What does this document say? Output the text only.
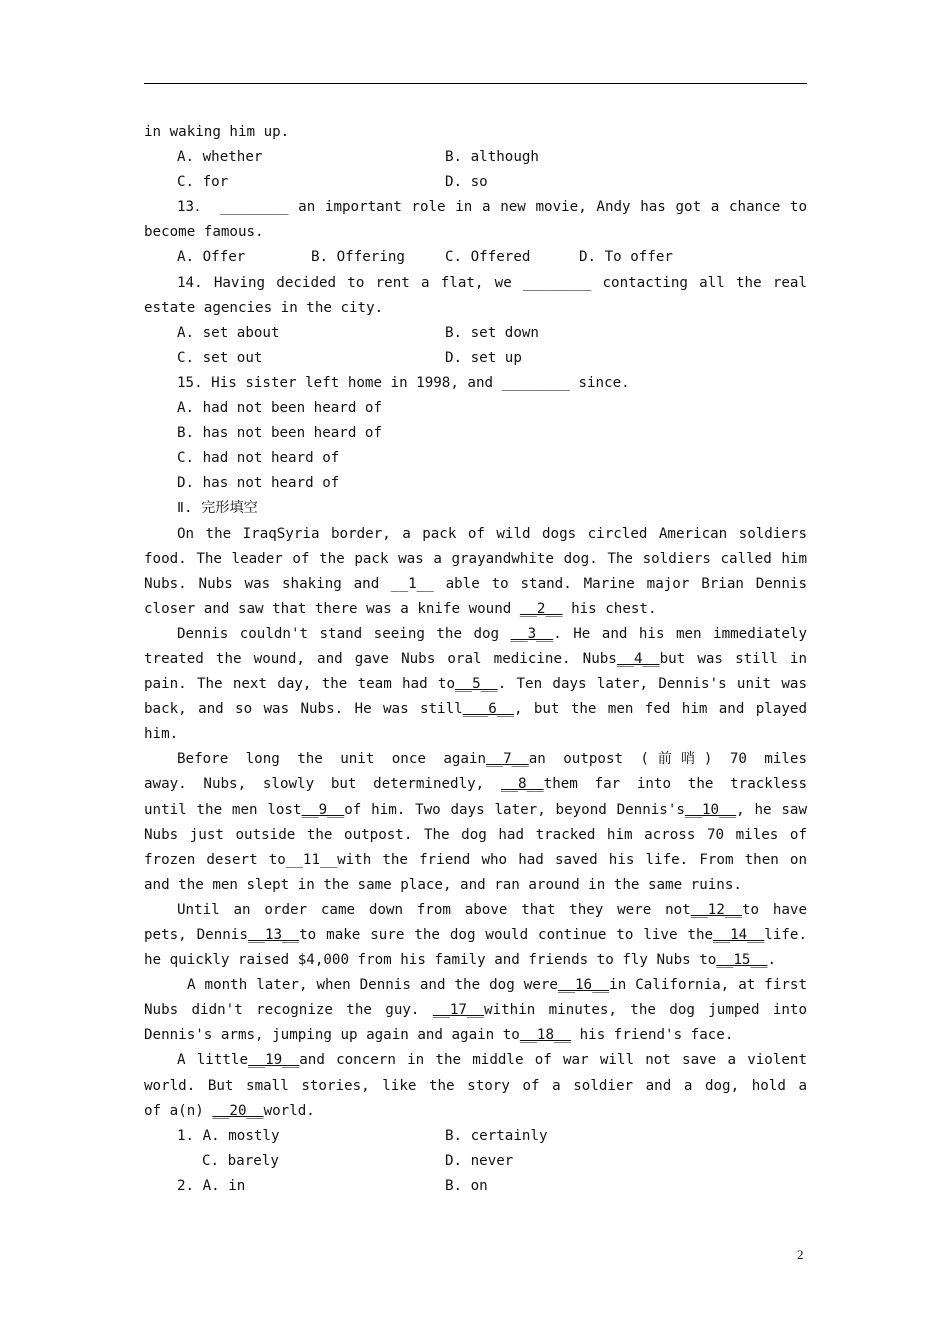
in waking him up.
A. whether	B. although
C. for	D. so
13． ________ an important role in a new movie, Andy has got a chance to
become famous.
A. Offer	B. Offering	C. Offered	D. To offer
14. Having decided to rent a flat, we ________ contacting all the real
estate agencies in the city.
A. set about	B. set down
C. set out	D. set up
15. His sister left home in 1998, and ________ since.
A. had not been heard of
B. has not been heard of
C. had not heard of
D. has not heard of
Ⅱ. 完形填空
On the IraqSyria border, a pack of wild dogs circled American soldiers
food. The leader of the pack was a grayandwhite dog. The soldiers called him
Nubs. Nubs was shaking and __1__ able to stand. Marine major Brian Dennis
closer and saw that there was a knife wound __2__ his chest.
Dennis couldn't stand seeing the dog __3__. He and his men immediately
treated the wound, and gave Nubs oral medicine. Nubs__4__but was still in
pain. The next day, the team had to__5__. Ten days later, Dennis's unit was
back, and so was Nubs. He was still___6__, but the men fed him and played
him.
Before long the unit once again__7__an outpost (前哨) 70 miles
away. Nubs, slowly but determinedly, __8__them far into the trackless
until the men lost__9__of him. Two days later, beyond Dennis's__10__, he saw
Nubs just outside the outpost. The dog had tracked him across 70 miles of
frozen desert to__11__with the friend who had saved his life. From then on
and the men slept in the same place, and ran around in the same ruins.
Until an order came down from above that they were not__12__to have
pets, Dennis__13__to make sure the dog would continue to live the__14__life.
he quickly raised $4,000 from his family and friends to fly Nubs to__15__.
A month later, when Dennis and the dog were__16__in California, at first
Nubs didn't recognize the guy. __17__within minutes, the dog jumped into
Dennis's arms, jumping up again and again to__18__ his friend's face.
A little__19__and concern in the middle of war will not save a violent
world. But small stories, like the story of a soldier and a dog, hold a
of a(n) __20__world.
1. A. mostly	B. certainly
C. barely	D. never
2. A. in	B. on
2
